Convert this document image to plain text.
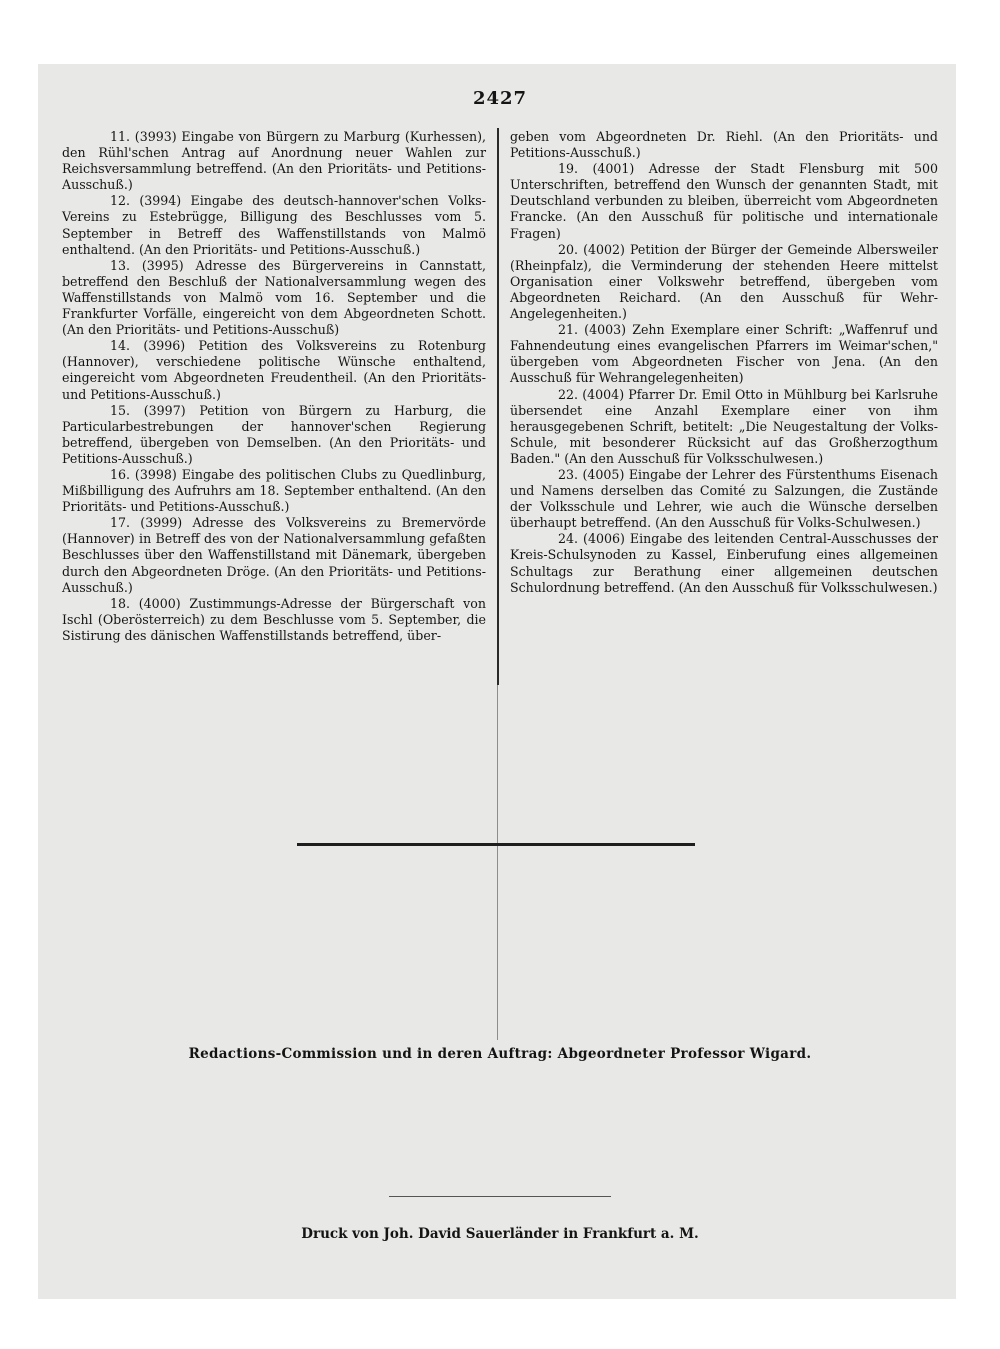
2427

11. (3993) Eingabe von Bürgern zu Marburg (Kurhessen), den Rühl'schen Antrag auf Anordnung neuer Wahlen zur Reichsversammlung betreffend. (An den Prioritäts- und Petitions-Ausschuß.)

12. (3994) Eingabe des deutsch-hannover'schen Volks-Vereins zu Estebrügge, Billigung des Beschlusses vom 5. September in Betreff des Waffenstillstands von Malmö enthaltend. (An den Prioritäts- und Petitions-Ausschuß.)

13. (3995) Adresse des Bürgervereins in Cannstatt, betreffend den Beschluß der Nationalversammlung wegen des Waffenstillstands von Malmö vom 16. September und die Frankfurter Vorfälle, eingereicht von dem Abgeordneten Schott. (An den Prioritäts- und Petitions-Ausschuß)

14. (3996) Petition des Volksvereins zu Rotenburg (Hannover), verschiedene politische Wünsche enthaltend, eingereicht vom Abgeordneten Freudentheil. (An den Prioritäts- und Petitions-Ausschuß.)

15. (3997) Petition von Bürgern zu Harburg, die Particularbestrebungen der hannover'schen Regierung betreffend, übergeben von Demselben. (An den Prioritäts- und Petitions-Ausschuß.)

16. (3998) Eingabe des politischen Clubs zu Quedlinburg, Mißbilligung des Aufruhrs am 18. September enthaltend. (An den Prioritäts- und Petitions-Ausschuß.)

17. (3999) Adresse des Volksvereins zu Bremervörde (Hannover) in Betreff des von der Nationalversammlung gefaßten Beschlusses über den Waffenstillstand mit Dänemark, übergeben durch den Abgeordneten Dröge. (An den Prioritäts- und Petitions-Ausschuß.)

18. (4000) Zustimmungs-Adresse der Bürgerschaft von Ischl (Oberösterreich) zu dem Beschlusse vom 5. September, die Sistirung des dänischen Waffenstillstands betreffend, über-

geben vom Abgeordneten Dr. Riehl. (An den Prioritäts- und Petitions-Ausschuß.)

19. (4001) Adresse der Stadt Flensburg mit 500 Unterschriften, betreffend den Wunsch der genannten Stadt, mit Deutschland verbunden zu bleiben, überreicht vom Abgeordneten Francke. (An den Ausschuß für politische und internationale Fragen)

20. (4002) Petition der Bürger der Gemeinde Albersweiler (Rheinpfalz), die Verminderung der stehenden Heere mittelst Organisation einer Volkswehr betreffend, übergeben vom Abgeordneten Reichard. (An den Ausschuß für Wehr-Angelegenheiten.)

21. (4003) Zehn Exemplare einer Schrift: „Waffenruf und Fahnendeutung eines evangelischen Pfarrers im Weimar'schen," übergeben vom Abgeordneten Fischer von Jena. (An den Ausschuß für Wehrangelegenheiten)

22. (4004) Pfarrer Dr. Emil Otto in Mühlburg bei Karlsruhe übersendet eine Anzahl Exemplare einer von ihm herausgegebenen Schrift, betitelt: „Die Neugestaltung der Volks-Schule, mit besonderer Rücksicht auf das Großherzogthum Baden." (An den Ausschuß für Volksschulwesen.)

23. (4005) Eingabe der Lehrer des Fürstenthums Eisenach und Namens derselben das Comité zu Salzungen, die Zustände der Volksschule und Lehrer, wie auch die Wünsche derselben überhaupt betreffend. (An den Ausschuß für Volks-Schulwesen.)

24. (4006) Eingabe des leitenden Central-Ausschusses der Kreis-Schulsynoden zu Kassel, Einberufung eines allgemeinen Schultags zur Berathung einer allgemeinen deutschen Schulordnung betreffend. (An den Ausschuß für Volksschulwesen.)

Redactions-Commission und in deren Auftrag: Abgeordneter Professor Wigard.
Druck von Joh. David Sauerländer in Frankfurt a. M.
